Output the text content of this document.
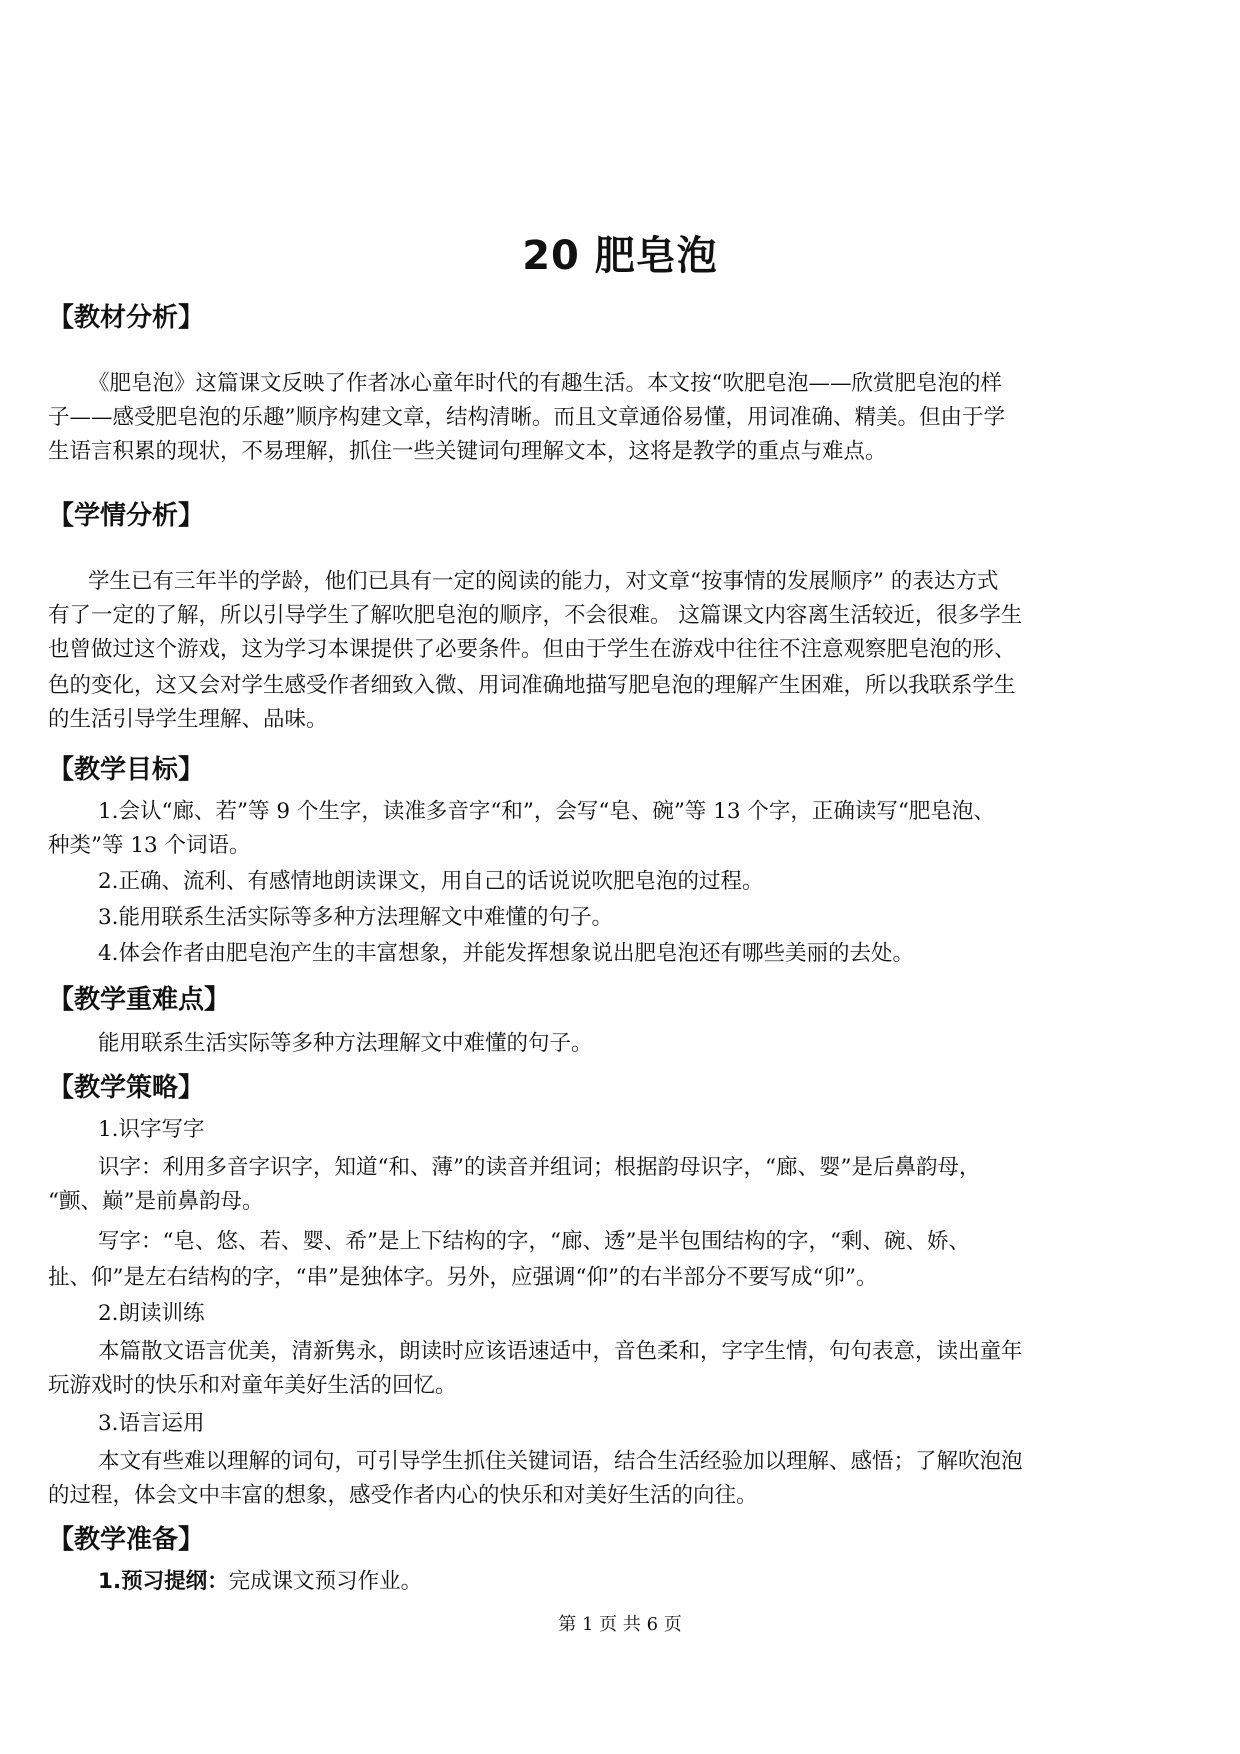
20 肥皂泡
【教材分析】
《肥皂泡》这篇课文反映了作者冰心童年时代的有趣生活。本文按“吹肥皂泡——欣赏肥皂泡的样
子——感受肥皂泡的乐趣”顺序构建文章，结构清晰。而且文章通俗易懂，用词准确、精美。但由于学
生语言积累的现状，不易理解，抓住一些关键词句理解文本，这将是教学的重点与难点。
【学情分析】
学生已有三年半的学龄，他们已具有一定的阅读的能力，对文章“按事情的发展顺序” 的表达方式
有了一定的了解，所以引导学生了解吹肥皂泡的顺序，不会很难。 这篇课文内容离生活较近，很多学生
也曾做过这个游戏，这为学习本课提供了必要条件。但由于学生在游戏中往往不注意观察肥皂泡的形、
色的变化，这又会对学生感受作者细致入微、用词准确地描写肥皂泡的理解产生困难，所以我联系学生
的生活引导学生理解、品味。
【教学目标】
1.会认“廊、若”等 9 个生字，读准多音字“和”，会写“皂、碗”等 13 个字，正确读写“肥皂泡、
种类”等 13 个词语。
2.正确、流利、有感情地朗读课文，用自己的话说说吹肥皂泡的过程。
3.能用联系生活实际等多种方法理解文中难懂的句子。
4.体会作者由肥皂泡产生的丰富想象，并能发挥想象说出肥皂泡还有哪些美丽的去处。
【教学重难点】
能用联系生活实际等多种方法理解文中难懂的句子。
【教学策略】
1.识字写字
识字：利用多音字识字，知道“和、薄”的读音并组词；根据韵母识字，“廊、婴”是后鼻韵母，
“颤、巅”是前鼻韵母。
写字：“皂、悠、若、婴、希”是上下结构的字，“廊、透”是半包围结构的字，“剩、碗、娇、
扯、仰”是左右结构的字，“串”是独体字。另外，应强调“仰”的右半部分不要写成“卯”。
2.朗读训练
本篇散文语言优美，清新隽永，朗读时应该语速适中，音色柔和，字字生情，句句表意，读出童年
玩游戏时的快乐和对童年美好生活的回忆。
3.语言运用
本文有些难以理解的词句，可引导学生抓住关键词语，结合生活经验加以理解、感悟；了解吹泡泡
的过程，体会文中丰富的想象，感受作者内心的快乐和对美好生活的向往。
【教学准备】
1.预习提纲：完成课文预习作业。
第 1 页 共 6 页
